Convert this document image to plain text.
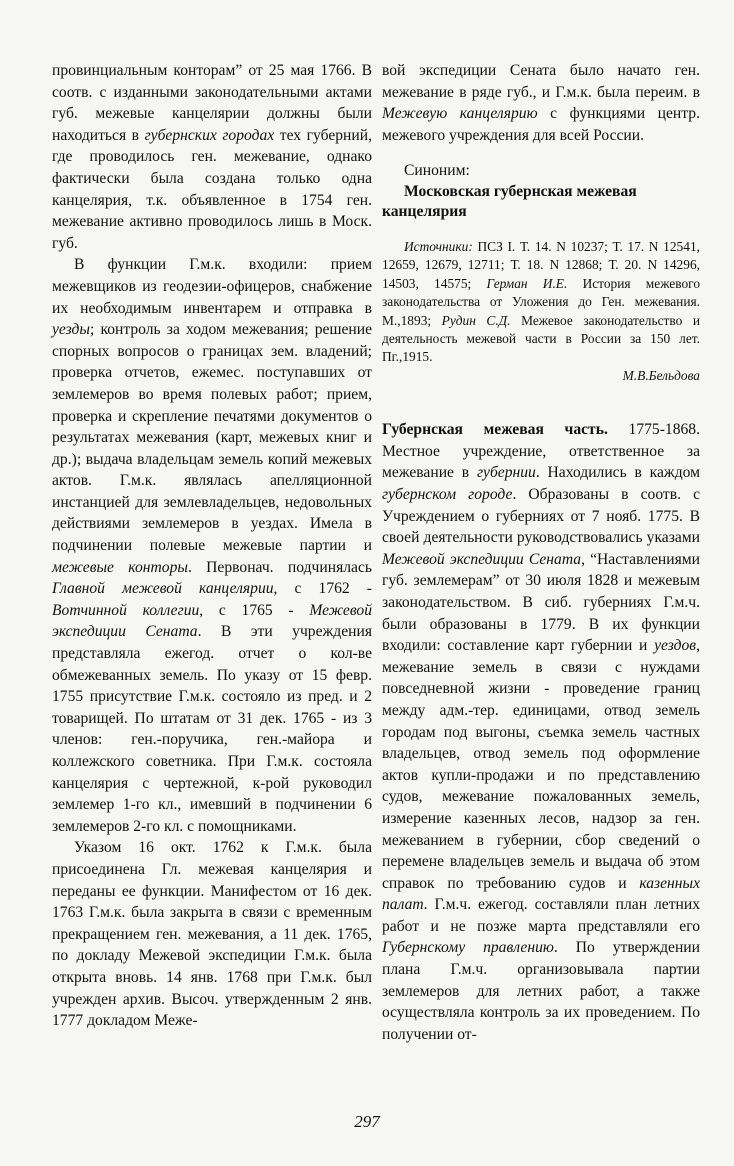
провинциальным конторам” от 25 мая 1766. В соотв. с изданными законодательными актами губ. межевые канцелярии должны были находиться в губернских городах тех губерний, где проводилось ген. межевание, однако фактически была создана только одна канцелярия, т.к. объявленное в 1754 ген. межевание активно проводилось лишь в Моск. губ.

В функции Г.м.к. входили: прием межевщиков из геодезии-офицеров, снабжение их необходимым инвентарем и отправка в уезды; контроль за ходом межевания; решение спорных вопросов о границах зем. владений; проверка отчетов, ежемес. поступавших от землемеров во время полевых работ; прием, проверка и скрепление печатями документов о результатах межевания (карт, межевых книг и др.); выдача владельцам земель копий межевых актов. Г.м.к. являлась апелляционной инстанцией для землевладельцев, недовольных действиями землемеров в уездах. Имела в подчинении полевые межевые партии и межевые конторы. Первонач. подчинялась Главной межевой канцелярии, с 1762 - Вотчинной коллегии, с 1765 - Межевой экспедиции Сената. В эти учреждения представляла ежегод. отчет о кол-ве обмежеванных земель. По указу от 15 февр. 1755 присутствие Г.м.к. состояло из пред. и 2 товарищей. По штатам от 31 дек. 1765 - из 3 членов: ген.-поручика, ген.-майора и коллежского советника. При Г.м.к. состояла канцелярия с чертежной, к-рой руководил землемер 1-го кл., имевший в подчинении 6 землемеров 2-го кл. с помощниками.

Указом 16 окт. 1762 к Г.м.к. была присоединена Гл. межевая канцелярия и переданы ее функции. Манифестом от 16 дек. 1763 Г.м.к. была закрыта в связи с временным прекращением ген. межевания, а 11 дек. 1765, по докладу Межевой экспедиции Г.м.к. была открыта вновь. 14 янв. 1768 при Г.м.к. был учрежден архив. Высоч. утвержденным 2 янв. 1777 докладом Меже-

вой экспедиции Сената было начато ген. межевание в ряде губ., и Г.м.к. была переим. в Межевую канцелярию с функциями центр. межевого учреждения для всей России.

Синоним:

Московская губернская межевая канцелярия

Источники: ПСЗ I. Т. 14. N 10237; Т. 17. N 12541, 12659, 12679, 12711; Т. 18. N 12868; Т. 20. N 14296, 14503, 14575; Герман И.Е. История межевого законодательства от Уложения до Ген. межевания. М.,1893; Рудин С.Д. Межевое законодательство и деятельность межевой части в России за 150 лет. Пг.,1915.

М.В.Бельдова

Губернская межевая часть. 1775-1868. Местное учреждение, ответственное за межевание в губернии. Находились в каждом губернском городе. Образованы в соотв. с Учреждением о губерниях от 7 нояб. 1775. В своей деятельности руководствовались указами Межевой экспедиции Сената, “Наставлениями губ. землемерам” от 30 июля 1828 и межевым законодательством. В сиб. губерниях Г.м.ч. были образованы в 1779. В их функции входили: составление карт губернии и уездов, межевание земель в связи с нуждами повседневной жизни - проведение границ между адм.-тер. единицами, отвод земель городам под выгоны, съемка земель частных владельцев, отвод земель под оформление актов купли-продажи и по представлению судов, межевание пожалованных земель, измерение казенных лесов, надзор за ген. межеванием в губернии, сбор сведений о перемене владельцев земель и выдача об этом справок по требованию судов и казенных палат. Г.м.ч. ежегод. составляли план летних работ и не позже марта представляли его Губернскому правлению. По утверждении плана Г.м.ч. организовывала партии землемеров для летних работ, а также осуществляла контроль за их проведением. По получении от-

297
